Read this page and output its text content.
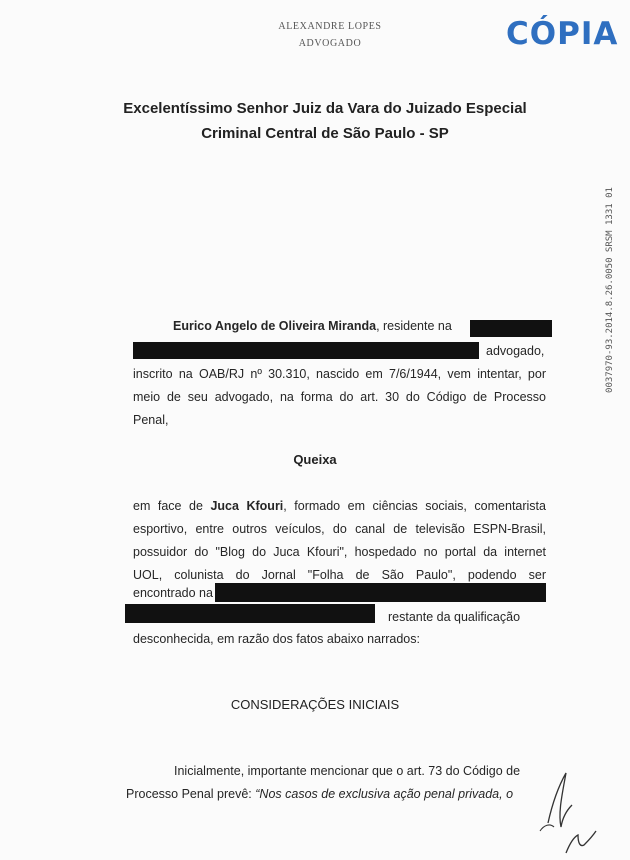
ALEXANDRE LOPES
ADVOGADO	CÓPIA
0037970-93.2014.8.26.0050 SRSM 1331 01
Excelentíssimo Senhor Juiz da Vara do Juizado Especial
Criminal Central de São Paulo - SP
Eurico Angelo de Oliveira Miranda, residente na
advogado,
inscrito na OAB/RJ nº 30.310, nascido em 7/6/1944, vem intentar, por
meio de seu advogado, na forma do art. 30 do Código de Processo
Penal,
Queixa
em face de Juca Kfouri, formado em ciências sociais, comentarista
esportivo, entre outros veículos, do canal de televisão ESPN-Brasil,
possuidor do "Blog do Juca Kfouri", hospedado no portal da internet
UOL, colunista do Jornal "Folha de São Paulo", podendo ser
encontrado na
restante da qualificação
desconhecida, em razão dos fatos abaixo narrados:
CONSIDERAÇÕES INICIAIS
Inicialmente, importante mencionar que o art. 73 do Código de
Processo Penal prevê: “Nos casos de exclusiva ação penal privada, o
